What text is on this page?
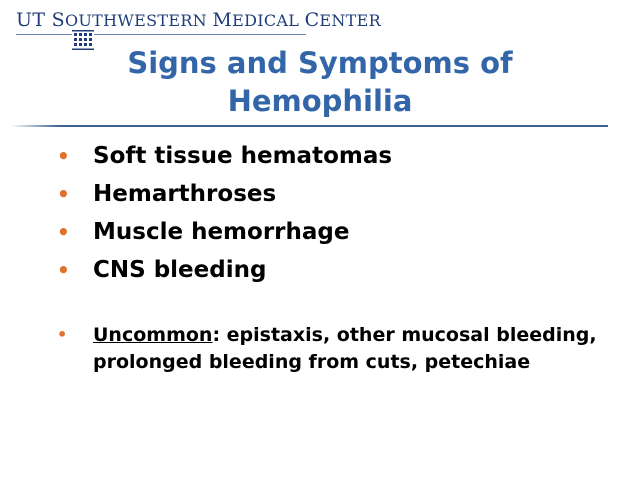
UT SOUTHWESTERN MEDICAL CENTER
Signs and Symptoms of
Hemophilia
• Soft tissue hematomas
• Hemarthroses
• Muscle hemorrhage
• CNS bleeding
•	Uncommon: epistaxis, other mucosal bleeding, prolonged bleeding from cuts, petechiae
